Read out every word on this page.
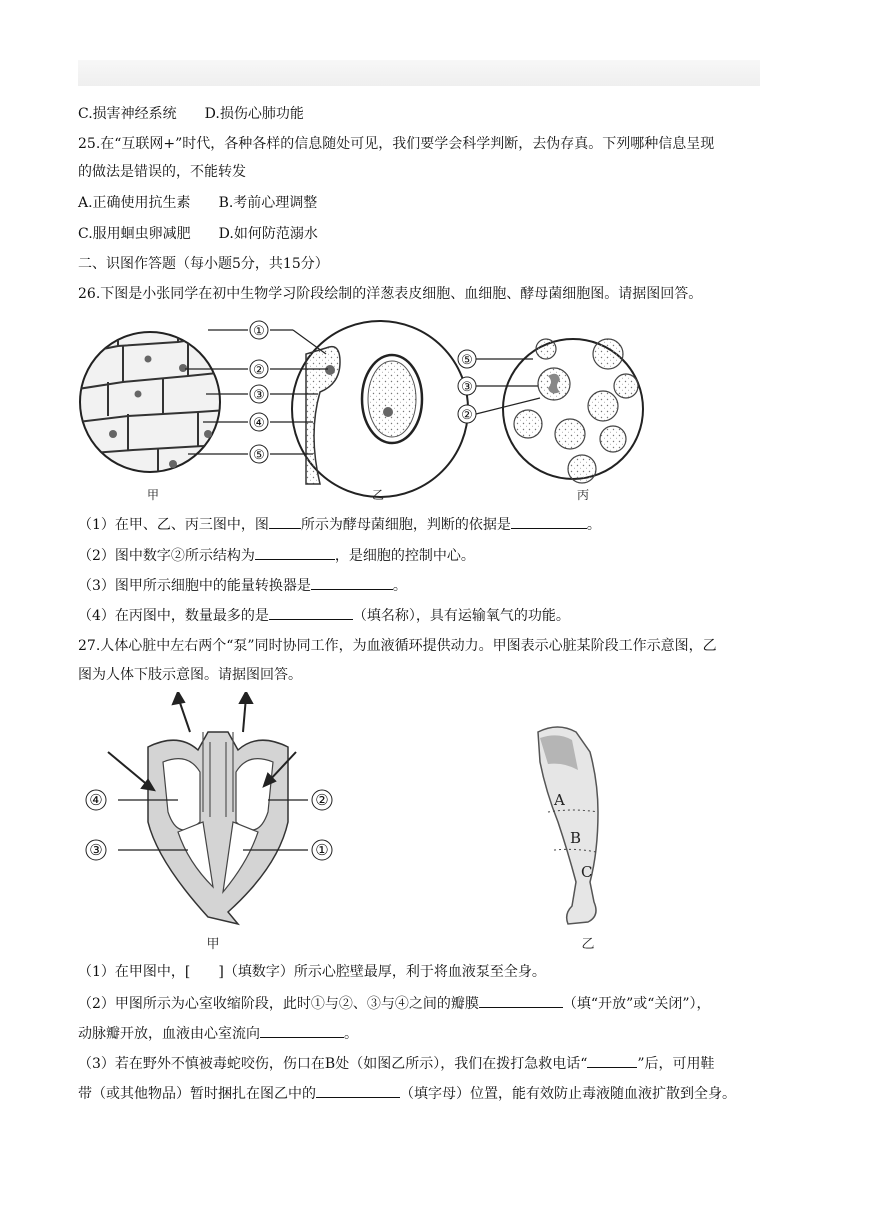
C.损害神经系统 D.损伤心肺功能
25.在“互联网+”时代，各种各样的信息随处可见，我们要学会科学判断，去伪存真。下列哪种信息呈现
的做法是错误的，不能转发
A.正确使用抗生素 B.考前心理调整
C.服用蛔虫卵减肥 D.如何防范溺水
二、识图作答题（每小题5分，共15分）
26.下图是小张同学在初中生物学习阶段绘制的洋葱表皮细胞、血细胞、酵母菌细胞图。请据图回答。
①
②
③
④
⑤
⑤
③
②
甲	乙	丙
（1）在甲、乙、丙三图中，图 所示为酵母菌细胞，判断的依据是	。
（2）图中数字②所示结构为	，是细胞的控制中心。
（3）图甲所示细胞中的能量转换器是	。
（4）在丙图中，数量最多的是	（填名称），具有运输氧气的功能。
27.人体心脏中左右两个“泵”同时协同工作，为血液循环提供动力。甲图表示心脏某阶段工作示意图，乙
图为人体下肢示意图。请据图回答。
④
③
②
①
甲
A
B
C
乙
（1）在甲图中，[　　]（填数字）所示心腔壁最厚，利于将血液泵至全身。
（2）甲图所示为心室收缩阶段，此时①与②、③与④之间的瓣膜	（填“开放”或“关闭”），
动脉瓣开放，血液由心室流向	。
（3）若在野外不慎被毒蛇咬伤，伤口在B处（如图乙所示），我们在拨打急救电话“	”后，可用鞋
带（或其他物品）暂时捆扎在图乙中的	（填字母）位置，能有效防止毒液随血液扩散到全身。
